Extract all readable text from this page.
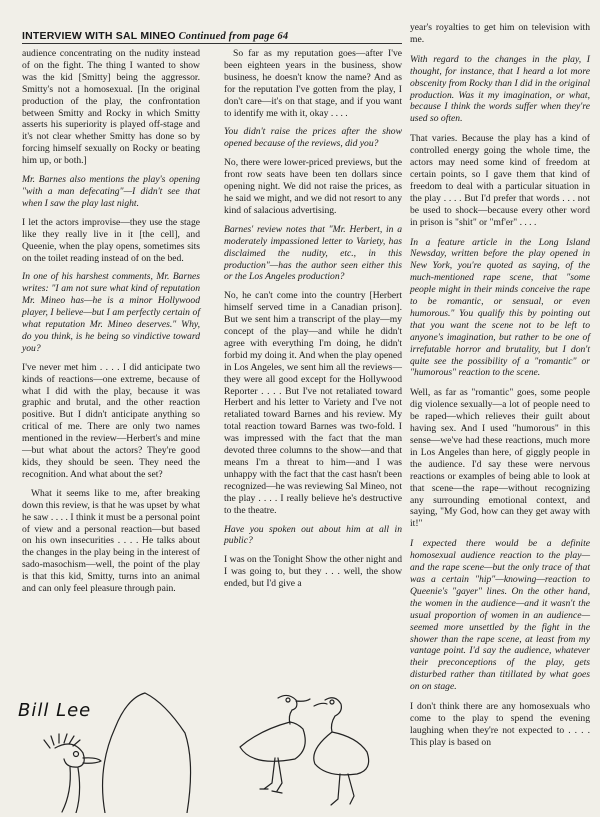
INTERVIEW WITH SAL MINEO Continued from page 64

audience concentrating on the nudity instead of on the fight. The thing I wanted to show was the kid [Smitty] being the aggressor. Smitty's not a homosexual. [In the original production of the play, the confrontation between Smitty and Rocky in which Smitty asserts his superiority is played off-stage and it's not clear whether Smitty has done so by forcing himself sexually on Rocky or beating him up, or both.]

Mr. Barnes also mentions the play's opening "with a man defecating"—I didn't see that when I saw the play last night.

I let the actors improvise—they use the stage like they really live in it [the cell], and Queenie, when the play opens, sometimes sits on the toilet reading instead of on the bed.

In one of his harshest comments, Mr. Barnes writes: "I am not sure what kind of reputation Mr. Mineo has—he is a minor Hollywood player, I believe—but I am perfectly certain of what reputation Mr. Mineo deserves." Why, do you think, is he being so vindictive toward you?

I've never met him . . . . I did anticipate two kinds of reactions—one extreme, because of what I did with the play, because it was graphic and brutal, and the other reaction positive. But I didn't anticipate anything so critical of me. There are only two names mentioned in the review—Herbert's and mine—but what about the actors? They're good kids, they should be seen. They need the recognition. And what about the set?

What it seems like to me, after breaking down this review, is that he was upset by what he saw . . . . I think it must be a personal point of view and a personal reaction—but based on his own insecurities . . . . He talks about the changes in the play being in the interest of sado-masochism—well, the point of the play is that this kid, Smitty, turns into an animal and can only feel pleasure through pain.

So far as my reputation goes—after I've been eighteen years in the business, show business, he doesn't know the name? And as for the reputation I've gotten from the play, I don't care—it's on that stage, and if you want to identify me with it, okay . . . .

You didn't raise the prices after the show opened because of the reviews, did you?

No, there were lower-priced previews, but the front row seats have been ten dollars since opening night. We did not raise the prices, as he said we might, and we did not resort to any kind of salacious advertising.

Barnes' review notes that "Mr. Herbert, in a moderately impassioned letter to Variety, has disclaimed the nudity, etc., in this production"—has the author seen either this or the Los Angeles production?

No, he can't come into the country [Herbert himself served time in a Canadian prison]. But we sent him a transcript of the play—my concept of the play—and while he didn't agree with everything I'm doing, he didn't forbid my doing it. And when the play opened in Los Angeles, we sent him all the reviews—they were all good except for the Hollywood Reporter . . . . But I've not retaliated toward Herbert and his letter to Variety and I've not retaliated toward Barnes and his review. My total reaction toward Barnes was two-fold. I was impressed with the fact that the man devoted three columns to the show—and that means I'm a threat to him—and I was unhappy with the fact that the cast hasn't been recognized—he was reviewing Sal Mineo, not the play . . . . I really believe he's destructive to the theatre.

Have you spoken out about him at all in public?

I was on the Tonight Show the other night and I was going to, but they . . . well, the show ended, but I'd give a

year's royalties to get him on television with me.

With regard to the changes in the play, I thought, for instance, that I heard a lot more obscenity from Rocky than I did in the original production. Was it my imagination, or what, because I think the words suffer when they're used so often.

That varies. Because the play has a kind of controlled energy going the whole time, the actors may need some kind of freedom at certain points, so I gave them that kind of freedom to deal with a particular situation in the play . . . . But I'd prefer that words . . . not be used to shock—because every other word in prison is "shit" or "mf'er" . . . .

In a feature article in the Long Island Newsday, written before the play opened in New York, you're quoted as saying, of the much-mentioned rape scene, that "some people might in their minds conceive the rape to be romantic, or sensual, or even humorous." You qualify this by pointing out that you want the scene not to be left to anyone's imagination, but rather to be one of irrefutable horror and brutality, but I don't quite see the possibility of a "romantic" or "humorous" reaction to the scene.

Well, as far as "romantic" goes, some people dig violence sexually—a lot of people need to be raped—which relieves their guilt about having sex. And I used "humorous" in this sense—we've had these reactions, much more in Los Angeles than here, of giggly people in the audience. I'd say these were nervous reactions or examples of being able to look at that scene—the rape—without recognizing any surrounding emotional context, and saying, "My God, how can they get away with it!"

I expected there would be a definite homosexual audience reaction to the play—and the rape scene—but the only trace of that was a certain "hip"—knowing—reaction to Queenie's "gayer" lines. On the other hand, the women in the audience—and it wasn't the usual proportion of women in an audience—seemed more unsettled by the fight in the shower than the rape scene, at least from my vantage point. I'd say the audience, whatever their preconceptions of the play, gets disturbed rather than titillated by what goes on on stage.

I don't think there are any homosexuals who come to the play to spend the evening laughing when they're not expected to . . . . This play is based on

Bill Lee
